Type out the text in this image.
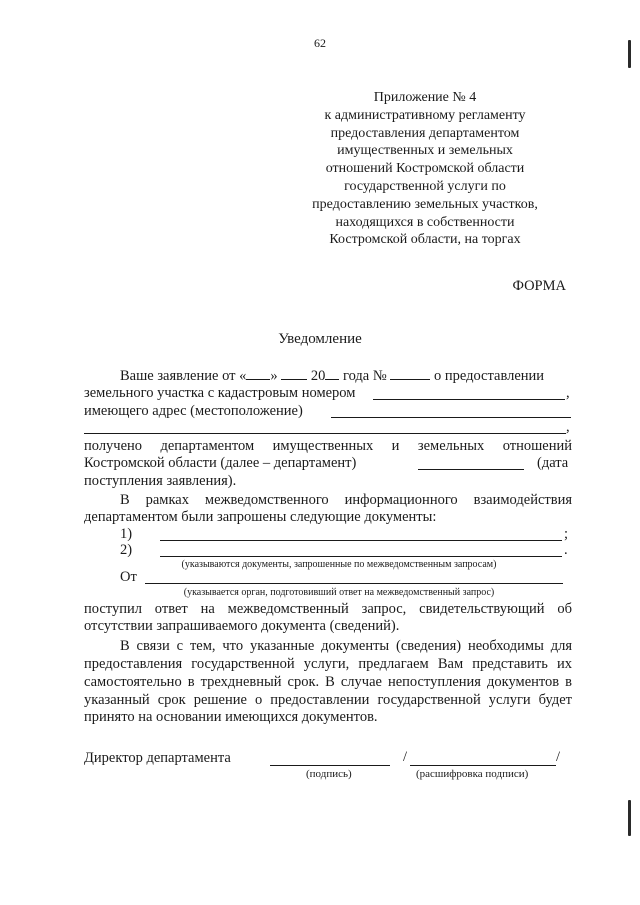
62
Приложение № 4
к административному регламенту
предоставления департаментом
имущественных и земельных
отношений Костромской области
государственной услуги по
предоставлению земельных участков,
находящихся в собственности
Костромской области, на торгах
ФОРМА
Уведомление
Ваше заявление от « » 20 года №	о предоставлении
земельного участка с кадастровым номером	,
имеющего адрес (местоположение)
,
получено департаментом имущественных и земельных отношений
Костромской области (далее – департамент)	(дата
поступления заявления).
В рамках межведомственного информационного взаимодействия
департаментом были запрошены следующие документы:
1)	;
2)	.
(указываются документы, запрошенные по межведомственным запросам)
От
(указывается орган, подготовивший ответ на межведомственный запрос)
поступил ответ на межведомственный запрос, свидетельствующий об
отсутствии запрашиваемого документа (сведений).
В связи с тем, что указанные документы (сведения) необходимы для
предоставления государственной услуги, предлагаем Вам представить их
самостоятельно в трехдневный срок. В случае непоступления документов в
указанный срок решение о предоставлении государственной услуги будет
принято на основании имеющихся документов.
Директор департамента	/	/
(подпись)	(расшифровка подписи)
